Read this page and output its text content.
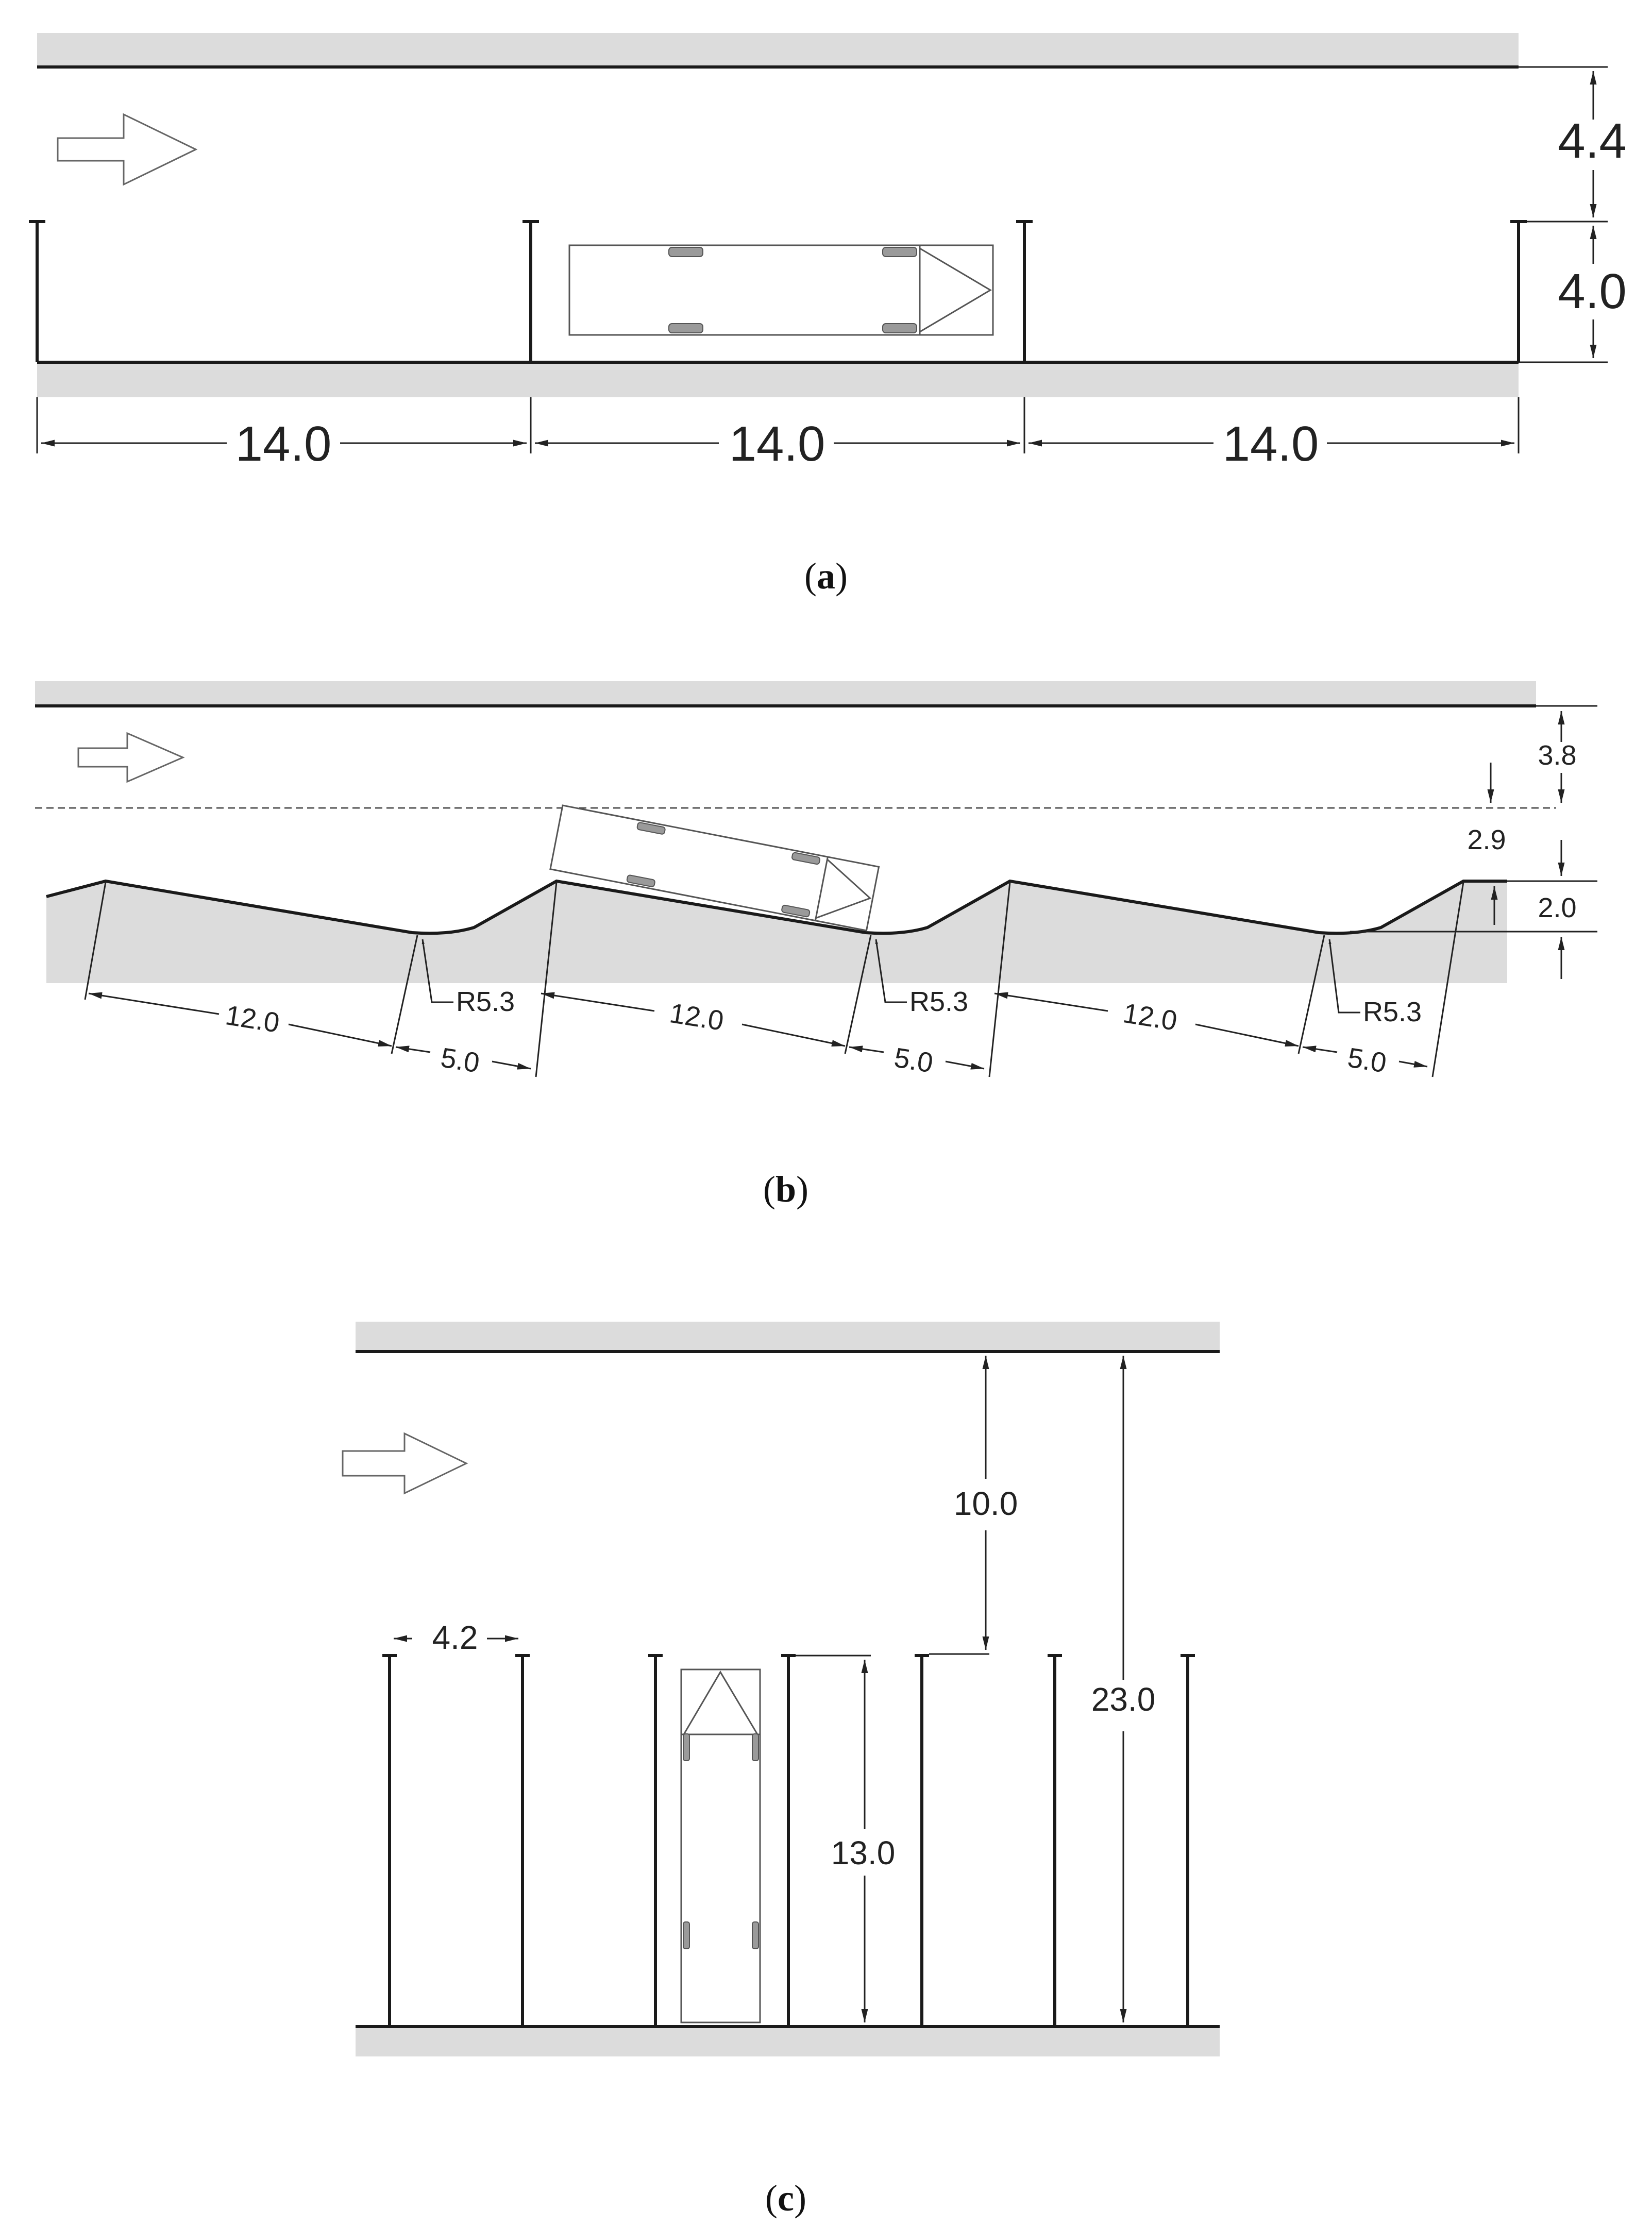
4.4
4.0
14.0	14.0	14.0
(a)
3.8
2.9
2.0
R5.3	R5.3	R5.3
12.0	12.0	12.0
5.0	5.0	5.0
(b)
4.2
10.0
23.0
13.0
(c)
